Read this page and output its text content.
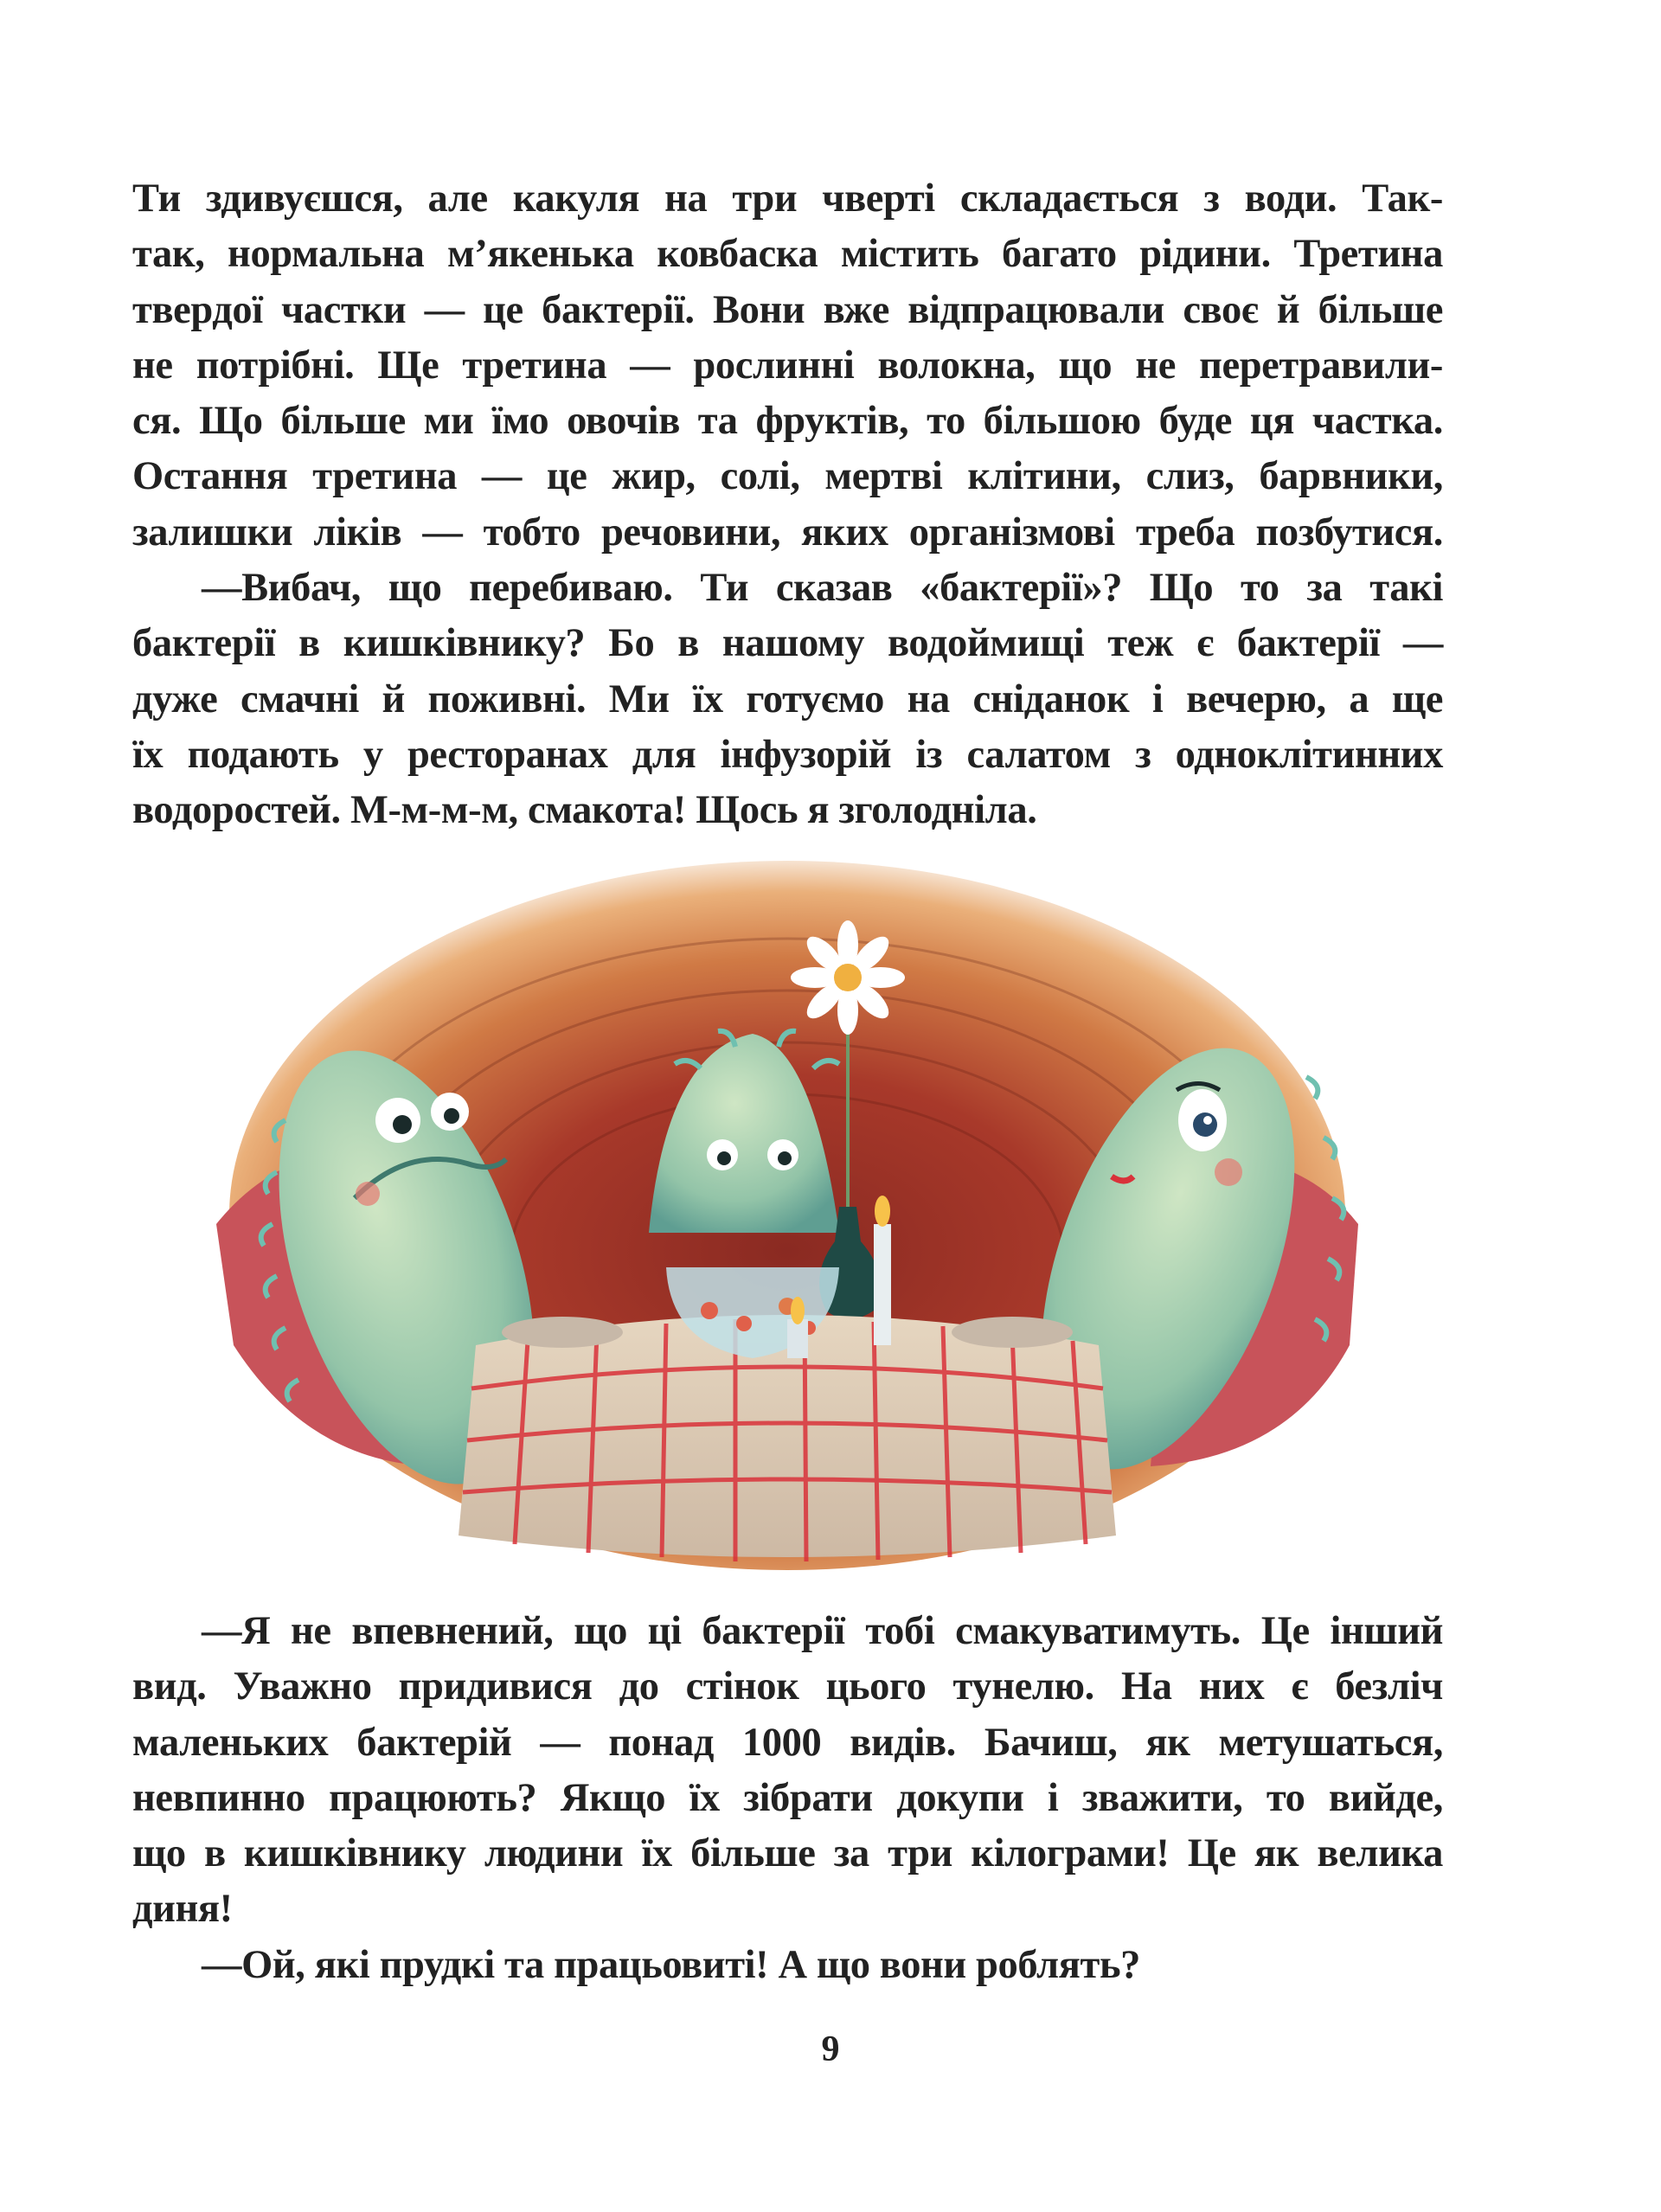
Ти здивуєшся, але какуля на три чверті складається з води. Так-
так, нормальна м’якенька ковбаска містить багато рідини. Третина
твердої частки — це бактерії. Вони вже відпрацювали своє й більше
не потрібні. Ще третина — рослинні волокна, що не перетравили-
ся. Що більше ми їмо овочів та фруктів, то більшою буде ця частка.
Остання третина — це жир, солі, мертві клітини, слиз, барвники,
залишки ліків — тобто речовини, яких організмові треба позбутися.
—Вибач, що перебиваю. Ти сказав «бактерії»? Що то за такі
бактерії в кишківнику? Бо в нашому водоймищі теж є бактерії —
дуже смачні й поживні. Ми їх готуємо на сніданок і вечерю, а ще
їх подають у ресторанах для інфузорій із салатом з одноклітинних
водоростей. М-м-м-м, смакота! Щось я зголодніла.
—Я не впевнений, що ці бактерії тобі смакуватимуть. Це інший
вид. Уважно придивися до стінок цього тунелю. На них є безліч
маленьких бактерій — понад 1000 видів. Бачиш, як метушаться,
невпинно працюють? Якщо їх зібрати докупи і зважити, то вийде,
що в кишківнику людини їх більше за три кілограми! Це як велика
диня!
—Ой, які прудкі та працьовиті! А що вони роблять?
9
